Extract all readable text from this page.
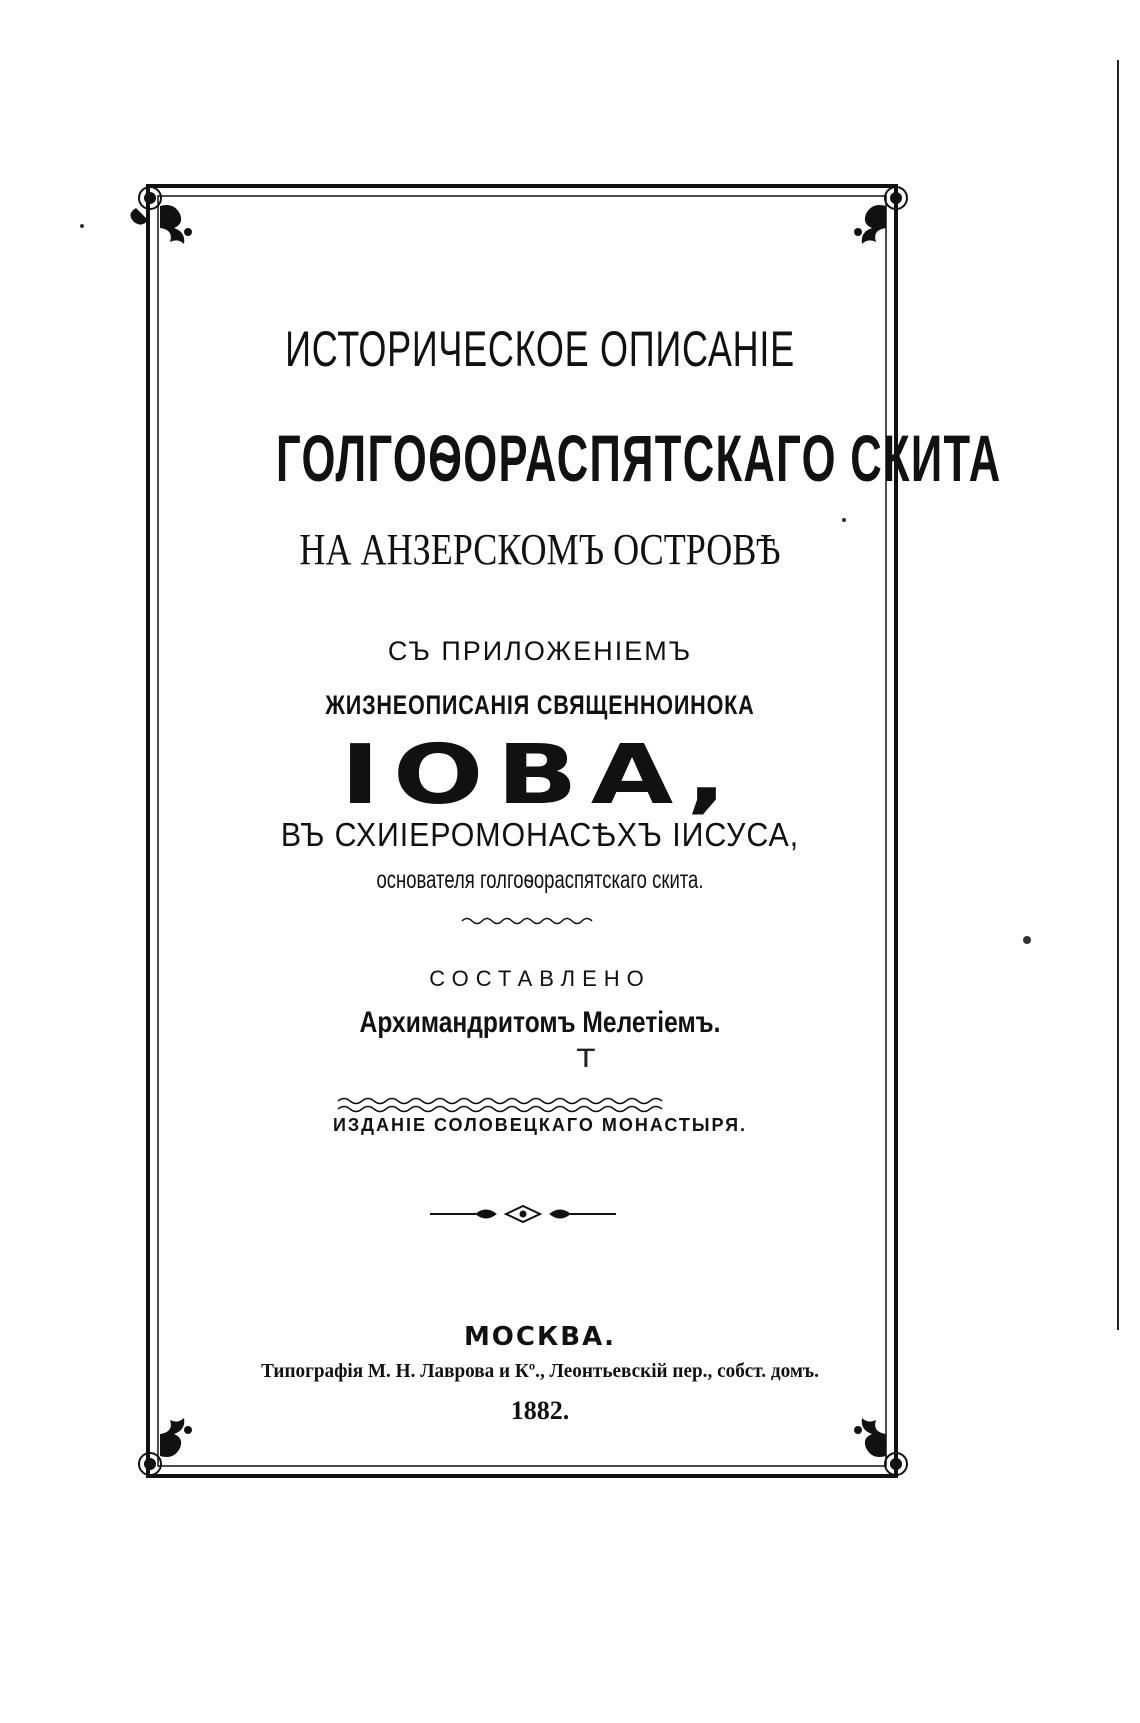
ИСТОРИЧЕСКОЕ ОПИСАНIЕ
ГОЛГОѲОРАСПЯТСКАГО СКИТА
НА АНЗЕРСКОМЪ ОСТРОВѢ
СЪ ПРИЛОЖЕНIЕМЪ
ЖИЗНЕОПИСАНIЯ СВЯЩЕННОИНОКА
IОВА,
ВЪ СХИIЕРОМОНАСѢХЪ IИСУСА,
основателя голгоѳораспятскаго скита.
СОСТАВЛЕНО
Архимандритомъ Мелетiемъ.
т
ИЗДАНIЕ СОЛОВЕЦКАГО МОНАСТЫРЯ.
МОСКВА.
Типографiя М. Н. Лаврова и Кº., Леонтьевскiй пер., собст. домъ.
1882.
